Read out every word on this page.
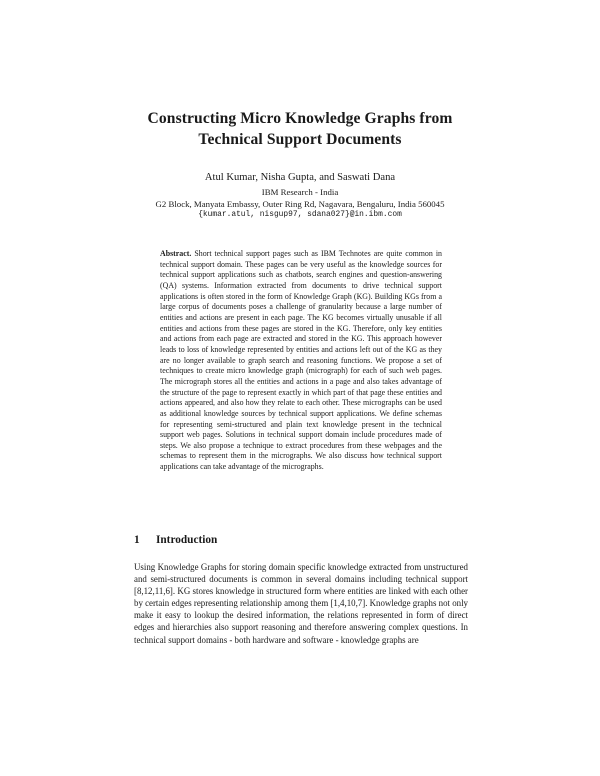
Constructing Micro Knowledge Graphs from
Technical Support Documents
Atul Kumar, Nisha Gupta, and Saswati Dana
IBM Research - India
G2 Block, Manyata Embassy, Outer Ring Rd, Nagavara, Bengaluru, India 560045
{kumar.atul, nisgup97, sdana027}@in.ibm.com
Abstract. Short technical support pages such as IBM Technotes are quite common in technical support domain. These pages can be very useful as the knowledge sources for technical support applications such as chatbots, search engines and question-answering (QA) systems. Information extracted from documents to drive technical support applications is often stored in the form of Knowledge Graph (KG). Building KGs from a large corpus of documents poses a challenge of granularity because a large number of entities and actions are present in each page. The KG becomes virtually unusable if all entities and actions from these pages are stored in the KG. Therefore, only key entities and actions from each page are extracted and stored in the KG. This approach however leads to loss of knowledge represented by entities and actions left out of the KG as they are no longer available to graph search and reasoning functions. We propose a set of techniques to create micro knowledge graph (micrograph) for each of such web pages. The micrograph stores all the entities and actions in a page and also takes advantage of the structure of the page to represent exactly in which part of that page these entities and actions appeared, and also how they relate to each other. These micrographs can be used as additional knowledge sources by technical support applications. We define schemas for representing semi-structured and plain text knowledge present in the technical support web pages. Solutions in technical support domain include procedures made of steps. We also propose a technique to extract procedures from these webpages and the schemas to represent them in the micrographs. We also discuss how technical support applications can take advantage of the micrographs.
1 Introduction
Using Knowledge Graphs for storing domain specific knowledge extracted from unstructured and semi-structured documents is common in several domains including technical support [8,12,11,6]. KG stores knowledge in structured form where entities are linked with each other by certain edges representing relationship among them [1,4,10,7]. Knowledge graphs not only make it easy to lookup the desired information, the relations represented in form of direct edges and hierarchies also support reasoning and therefore answering complex questions. In technical support domains - both hardware and software - knowledge graphs are
